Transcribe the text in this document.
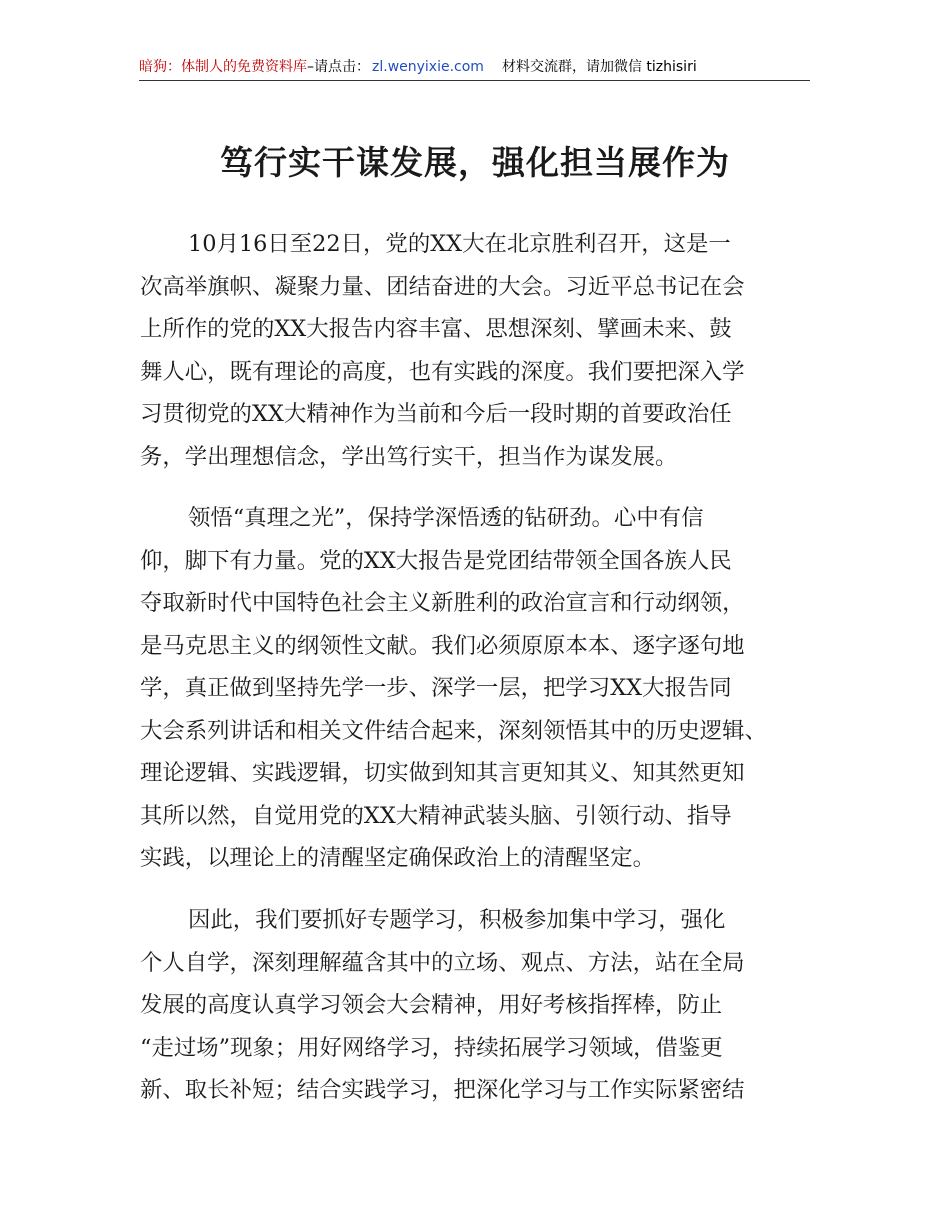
暗狗：体制人的免费资料库–请点击： zl.wenyixie.com 材料交流群，请加微信 tizhisiri
笃行实干谋发展，强化担当展作为
10月16日至22日，党的XX大在北京胜利召开，这是一
次高举旗帜、凝聚力量、团结奋进的大会。习近平总书记在会
上所作的党的XX大报告内容丰富、思想深刻、擘画未来、鼓
舞人心，既有理论的高度，也有实践的深度。我们要把深入学
习贯彻党的XX大精神作为当前和今后一段时期的首要政治任
务，学出理想信念，学出笃行实干，担当作为谋发展。
领悟“真理之光”，保持学深悟透的钻研劲。心中有信
仰，脚下有力量。党的XX大报告是党团结带领全国各族人民
夺取新时代中国特色社会主义新胜利的政治宣言和行动纲领，
是马克思主义的纲领性文献。我们必须原原本本、逐字逐句地
学，真正做到坚持先学一步、深学一层，把学习XX大报告同
大会系列讲话和相关文件结合起来，深刻领悟其中的历史逻辑、
理论逻辑、实践逻辑，切实做到知其言更知其义、知其然更知
其所以然，自觉用党的XX大精神武装头脑、引领行动、指导
实践，以理论上的清醒坚定确保政治上的清醒坚定。
因此，我们要抓好专题学习，积极参加集中学习，强化
个人自学，深刻理解蕴含其中的立场、观点、方法，站在全局
发展的高度认真学习领会大会精神，用好考核指挥棒，防止
“走过场”现象；用好网络学习，持续拓展学习领域，借鉴更
新、取长补短；结合实践学习，把深化学习与工作实际紧密结
